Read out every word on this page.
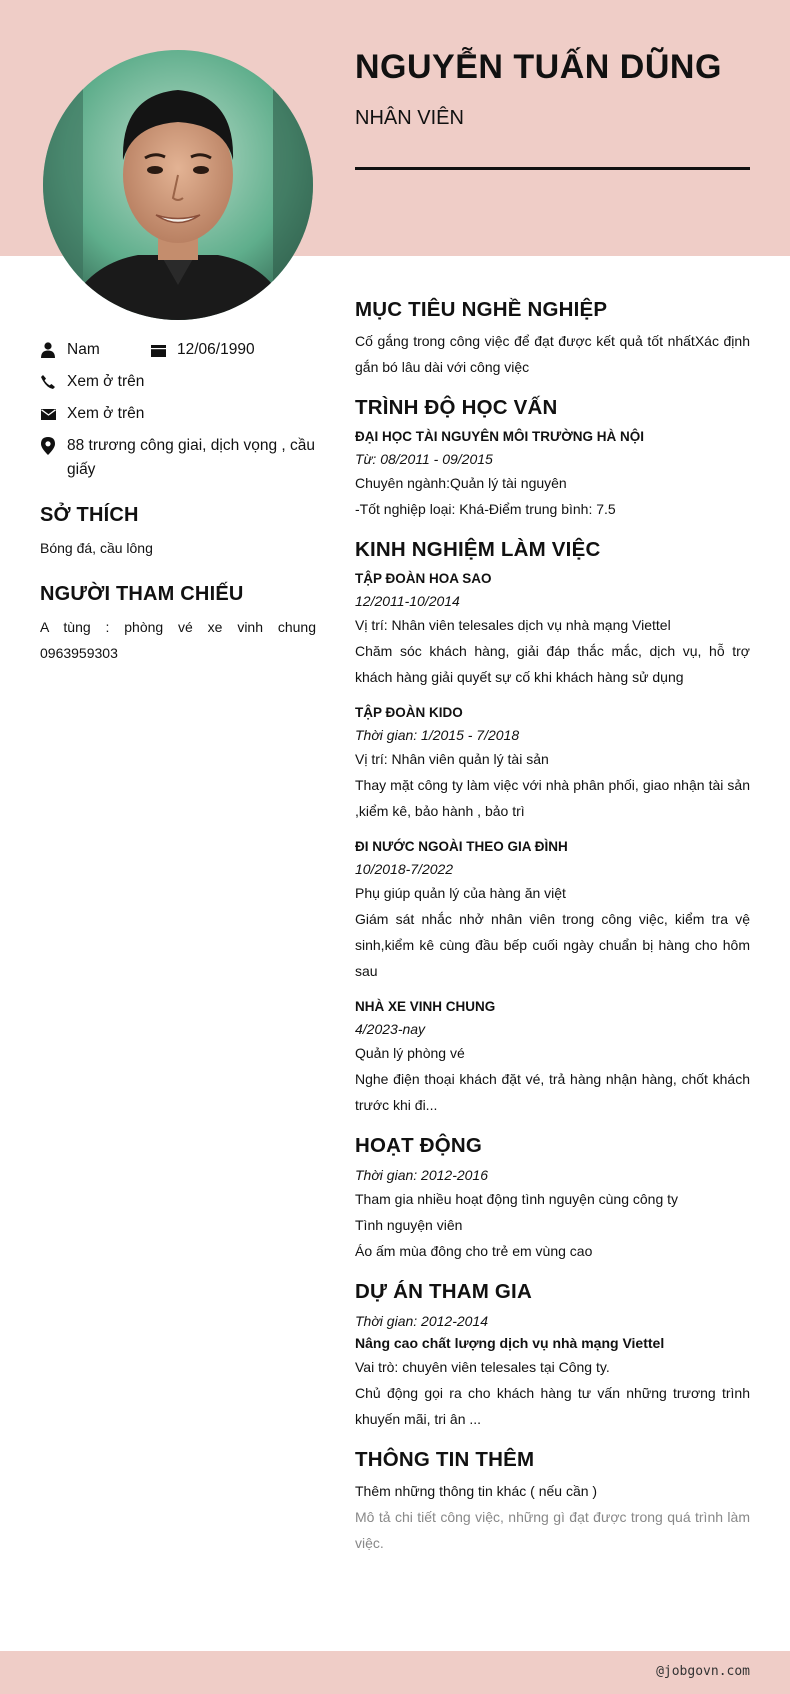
NGUYỄN TUẤN DŨNG
NHÂN VIÊN
Nam	12/06/1990
Xem ở trên
Xem ở trên
88 trương công giai, dịch vọng , cầu giấy
SỞ THÍCH

Bóng đá, cầu lông

NGƯỜI THAM CHIẾU

A tùng : phòng vé xe vinh chung 0963959303

MỤC TIÊU NGHỀ NGHIỆP

Cố gắng trong công việc để đạt được kết quả tốt nhấtXác định gắn bó lâu dài với công việc

TRÌNH ĐỘ HỌC VẤN
ĐẠI HỌC TÀI NGUYÊN MÔI TRƯỜNG HÀ NỘI
Từ: 08/2011 - 09/2015

Chuyên ngành:Quản lý tài nguyên

-Tốt nghiệp loại: Khá-Điểm trung bình: 7.5

KINH NGHIỆM LÀM VIỆC
TẬP ĐOÀN HOA SAO
12/2011-10/2014

Vị trí: Nhân viên telesales dịch vụ nhà mạng Viettel

Chăm sóc khách hàng, giải đáp thắc mắc, dịch vụ, hỗ trợ khách hàng giải quyết sự cố khi khách hàng sử dụng

TẬP ĐOÀN KIDO
Thời gian: 1/2015 - 7/2018

Vị trí: Nhân viên quản lý tài sản

Thay mặt công ty làm việc với nhà phân phối, giao nhận tài sản ,kiểm kê, bảo hành , bảo trì

ĐI NƯỚC NGOÀI THEO GIA ĐÌNH
10/2018-7/2022

Phụ giúp quản lý của hàng ăn việt

Giám sát nhắc nhở nhân viên trong công việc, kiểm tra vệ sinh,kiểm kê cùng đầu bếp cuối ngày chuẩn bị hàng cho hôm sau

NHÀ XE VINH CHUNG
4/2023-nay

Quản lý phòng vé

Nghe điện thoại khách đặt vé, trả hàng nhận hàng, chốt khách trước khi đi...

HOẠT ĐỘNG
Thời gian: 2012-2016

Tham gia nhiều hoạt động tình nguyện cùng công ty

Tình nguyện viên

Áo ấm mùa đông cho trẻ em vùng cao

DỰ ÁN THAM GIA
Thời gian: 2012-2014
Nâng cao chất lượng dịch vụ nhà mạng Viettel

Vai trò: chuyên viên telesales tại Công ty.

Chủ động gọi ra cho khách hàng tư vấn những trương trình khuyến mãi, tri ân ...

THÔNG TIN THÊM

Thêm những thông tin khác ( nếu cần )

Mô tả chi tiết công việc, những gì đạt được trong quá trình làm việc.

@jobgovn.com
